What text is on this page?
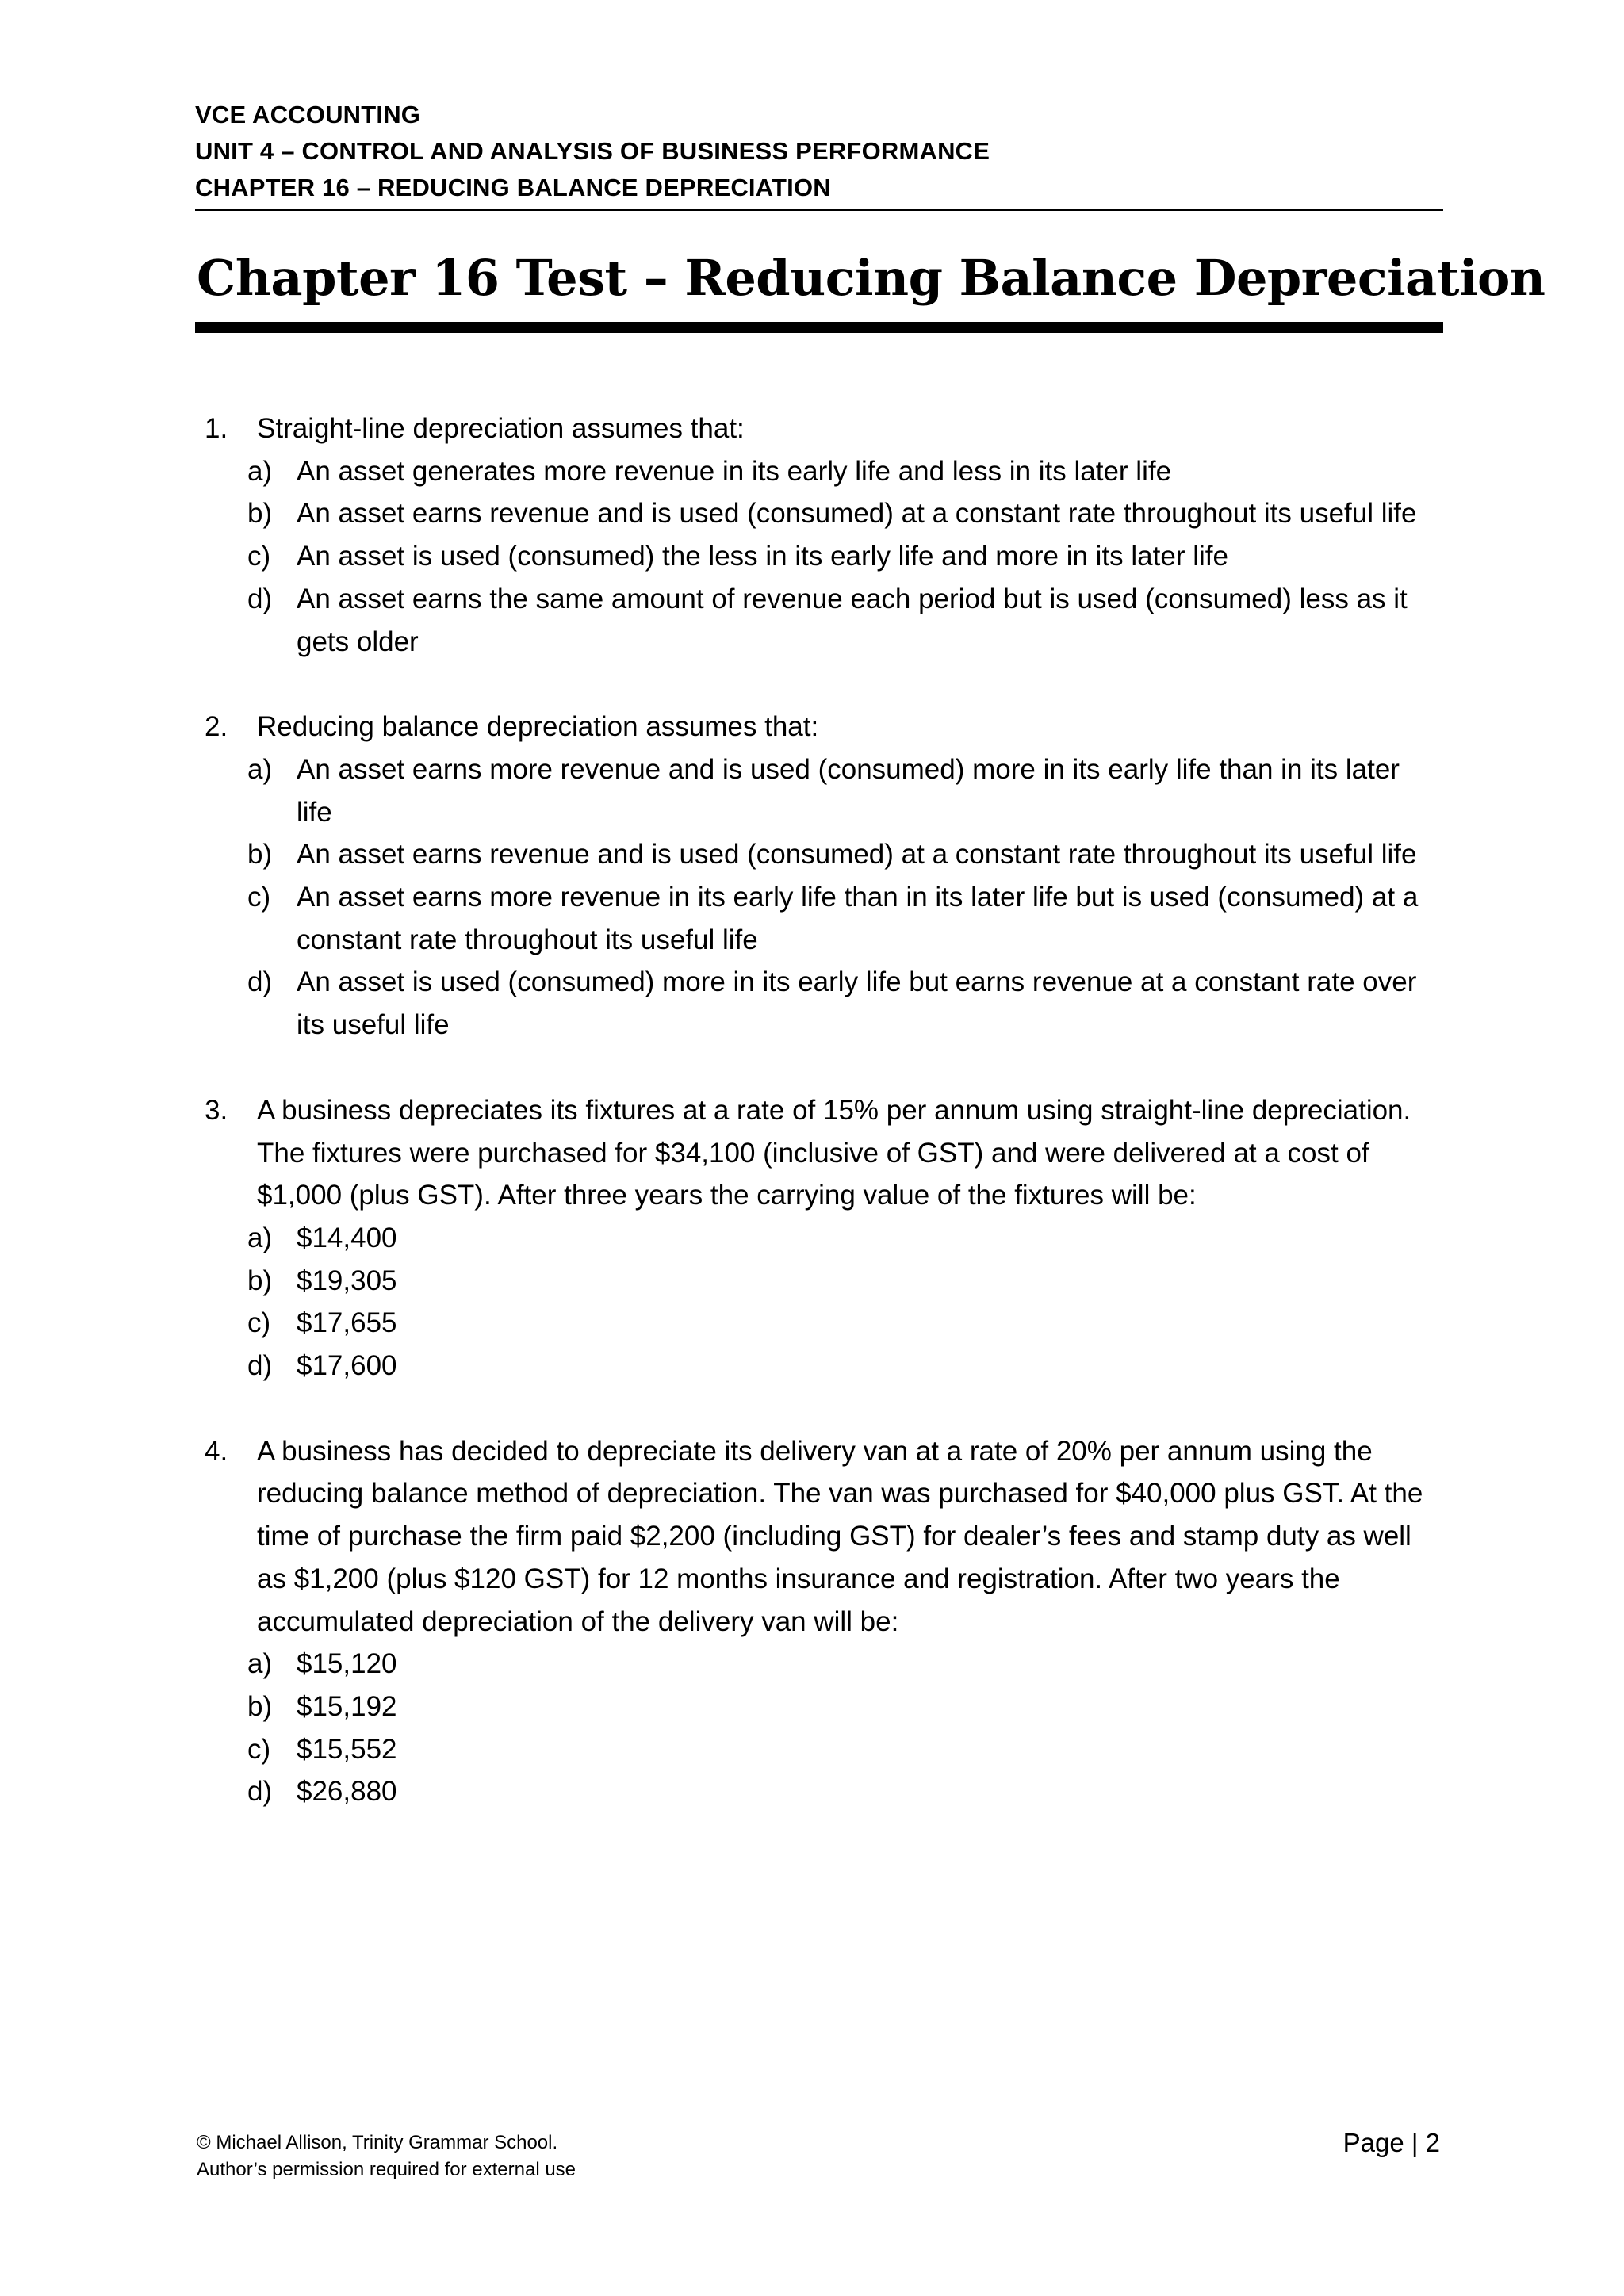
VCE ACCOUNTING
UNIT 4 – CONTROL AND ANALYSIS OF BUSINESS PERFORMANCE
CHAPTER 16 – REDUCING BALANCE DEPRECIATION
Chapter 16 Test – Reducing Balance Depreciation
1.	Straight-line depreciation assumes that:
a) An asset generates more revenue in its early life and less in its later life
b) An asset earns revenue and is used (consumed) at a constant rate throughout its useful life
c) An asset is used (consumed) the less in its early life and more in its later life
d) An asset earns the same amount of revenue each period but is used (consumed) less as it gets older
2.	Reducing balance depreciation assumes that:
a) An asset earns more revenue and is used (consumed) more in its early life than in its later life
b) An asset earns revenue and is used (consumed) at a constant rate throughout its useful life
c) An asset earns more revenue in its early life than in its later life but is used (consumed) at a constant rate throughout its useful life
d) An asset is used (consumed) more in its early life but earns revenue at a constant rate over its useful life
3.	A business depreciates its fixtures at a rate of 15% per annum using straight-line depreciation. The fixtures were purchased for $34,100 (inclusive of GST) and were delivered at a cost of $1,000 (plus GST). After three years the carrying value of the fixtures will be:
a) $14,400
b) $19,305
c) $17,655
d) $17,600
4.	A business has decided to depreciate its delivery van at a rate of 20% per annum using the reducing balance method of depreciation. The van was purchased for $40,000 plus GST. At the time of purchase the firm paid $2,200 (including GST) for dealer’s fees and stamp duty as well as $1,200 (plus $120 GST) for 12 months insurance and registration. After two years the accumulated depreciation of the delivery van will be:
a) $15,120
b) $15,192
c) $15,552
d) $26,880
© Michael Allison, Trinity Grammar School.
Author’s permission required for external use
Page | 2
